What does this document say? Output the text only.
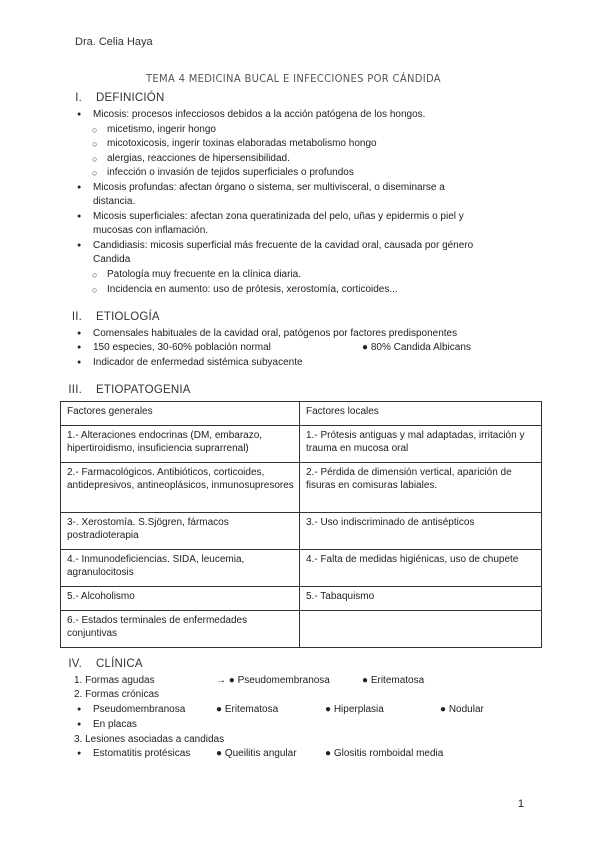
Dra. Celia Haya
TEMA 4 MEDICINA BUCAL E INFECCIONES POR CÁNDIDA
I. DEFINICIÓN
● Micosis: procesos infecciosos debidos a la acción patógena de los hongos.
○ micetismo, ingerir hongo
○ micotoxicosis, ingerir toxinas elaboradas metabolismo hongo
○ alergias, reacciones de hipersensibilidad.
○ infección o invasión de tejidos superficiales o profundos
● Micosis profundas: afectan órgano o sistema, ser multivisceral, o diseminarse a
distancia.
● Micosis superficiales: afectan zona queratinizada del pelo, uñas y epidermis o piel y
mucosas con inflamación.
● Candidiasis: micosis superficial más frecuente de la cavidad oral, causada por género
Candida
○ Patología muy frecuente en la clínica diaria.
○ Incidencia en aumento: uso de prótesis, xerostomía, corticoides...
II. ETIOLOGÍA
● Comensales habituales de la cavidad oral, patógenos por factores predisponentes
● 150 especies, 30-60% población normal	● 80% Candida Albicans
● Indicador de enfermedad sistémica subyacente
III. ETIOPATOGENIA
Factores generales	Factores locales
1.- Alteraciones endocrinas (DM, embarazo, hipertiroidismo, insuficiencia suprarrenal)	1.- Prótesis antiguas y mal adaptadas, irritación y trauma en mucosa oral
2.- Farmacológicos. Antibióticos, corticoides, antidepresivos, antineoplásicos, inmunosupresores	2.- Pérdida de dimensión vertical, aparición de fisuras en comisuras labiales.
3-. Xerostomía. S.Sjögren, fármacos postradioterapia	3.- Uso indiscriminado de antisépticos
4.- Inmunodeficiencias. SIDA, leucemia, agranulocitosis	4.- Falta de medidas higiénicas, uso de chupete
5.- Alcoholismo	5.- Tabaquismo
6.- Estados terminales de enfermedades conjuntivas	
IV. CLÍNICA
1. Formas agudas	→ ● Pseudomembranosa	● Eritematosa
2. Formas crónicas
● Pseudomembranosa	● Eritematosa	● Hiperplasia	● Nodular
● En placas
3. Lesiones asociadas a candidas
● Estomatitis protésicas	● Queilitis angular	● Glositis romboidal media
1
